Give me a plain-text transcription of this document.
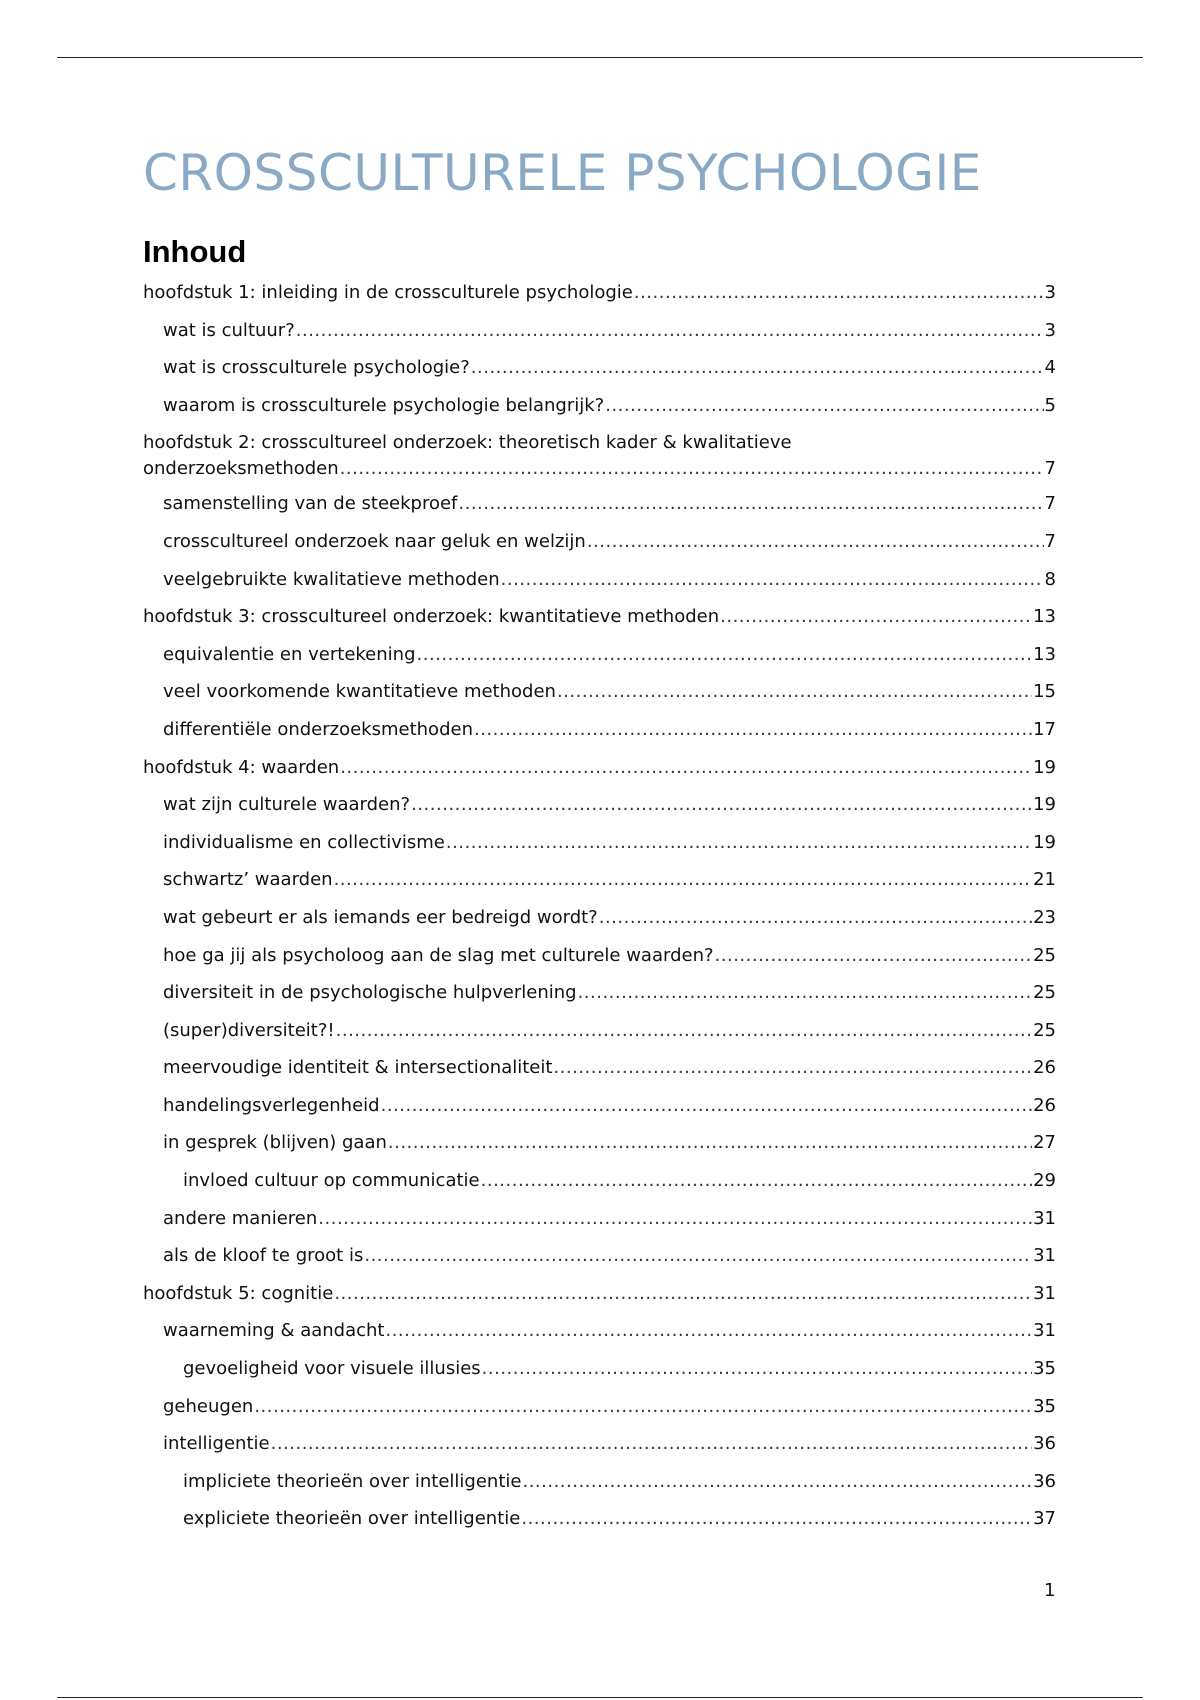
CROSSCULTURELE PSYCHOLOGIE
Inhoud
hoofdstuk 1: inleiding in de crossculturele psychologie .....	3
wat is cultuur? .....	3
wat is crossculturele psychologie? .....	4
waarom is crossculturele psychologie belangrijk? .....	5
hoofdstuk 2: crosscultureel onderzoek: theoretisch kader & kwalitatieve
onderzoeksmethoden .....	7
samenstelling van de steekproef .....	7
crosscultureel onderzoek naar geluk en welzijn .....	7
veelgebruikte kwalitatieve methoden .....	8
hoofdstuk 3: crosscultureel onderzoek: kwantitatieve methoden .....	13
equivalentie en vertekening .....	13
veel voorkomende kwantitatieve methoden .....	15
differentiële onderzoeksmethoden .....	17
hoofdstuk 4: waarden .....	19
wat zijn culturele waarden? .....	19
individualisme en collectivisme .....	19
schwartz’ waarden .....	21
wat gebeurt er als iemands eer bedreigd wordt? .....	23
hoe ga jij als psycholoog aan de slag met culturele waarden? .....	25
diversiteit in de psychologische hulpverlening .....	25
(super)diversiteit?! .....	25
meervoudige identiteit & intersectionaliteit .....	26
handelingsverlegenheid .....	26
in gesprek (blijven) gaan .....	27
invloed cultuur op communicatie .....	29
andere manieren .....	31
als de kloof te groot is .....	31
hoofdstuk 5: cognitie .....	31
waarneming & aandacht .....	31
gevoeligheid voor visuele illusies .....	35
geheugen .....	35
intelligentie .....	36
impliciete theorieën over intelligentie .....	36
expliciete theorieën over intelligentie .....	37
1
